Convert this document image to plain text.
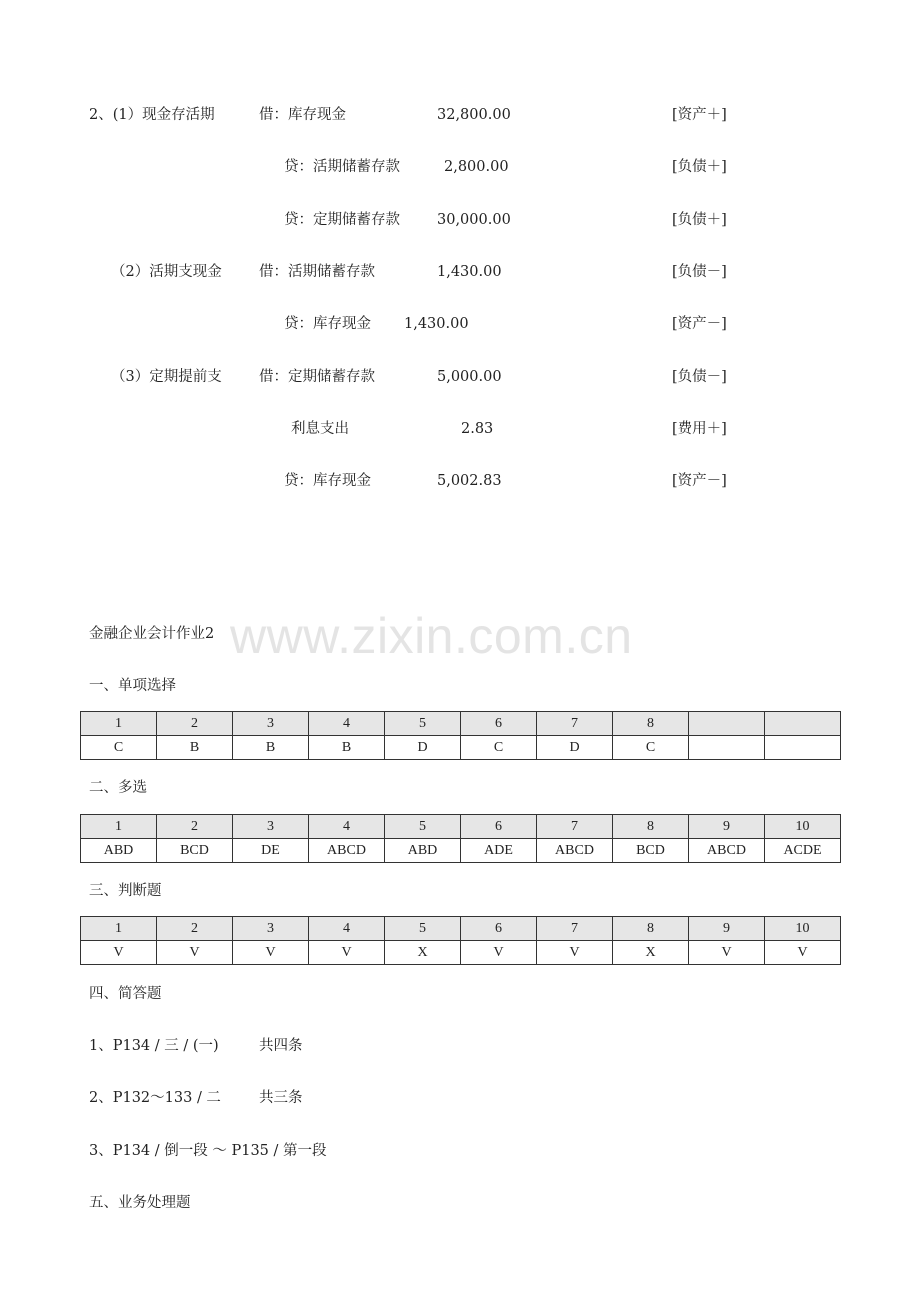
2、(1）现金存活期	借：库存现金	32,800.00	[资产＋]
贷：活期储蓄存款	2,800.00	[负债＋]
贷：定期储蓄存款	30,000.00	[负债＋]
（2）活期支现金	借：活期储蓄存款	1,430.00	[负债－]
贷：库存现金 1,430.00	[资产－]
（3）定期提前支	借：定期储蓄存款	5,000.00	[负债－]
利息支出	2.83	[费用＋]
贷：库存现金	5,002.83	[资产－]
www.zixin.com.cn
金融企业会计作业2
一、单项选择
1	2	3	4	5	6	7	8		
C	B	B	B	D	C	D	C		
二、多选
1	2	3	4	5	6	7	8	9	10
ABD	BCD	DE	ABCD	ABD	ADE	ABCD	BCD	ABCD	ACDE
三、判断题
1	2	3	4	5	6	7	8	9	10
V	V	V	V	X	V	V	X	V	V
四、简答题
1、P134 / 三 / (一)	共四条
2、P132～133 / 二	共三条
3、P134 / 倒一段 ～ P135 / 第一段
五、业务处理题
